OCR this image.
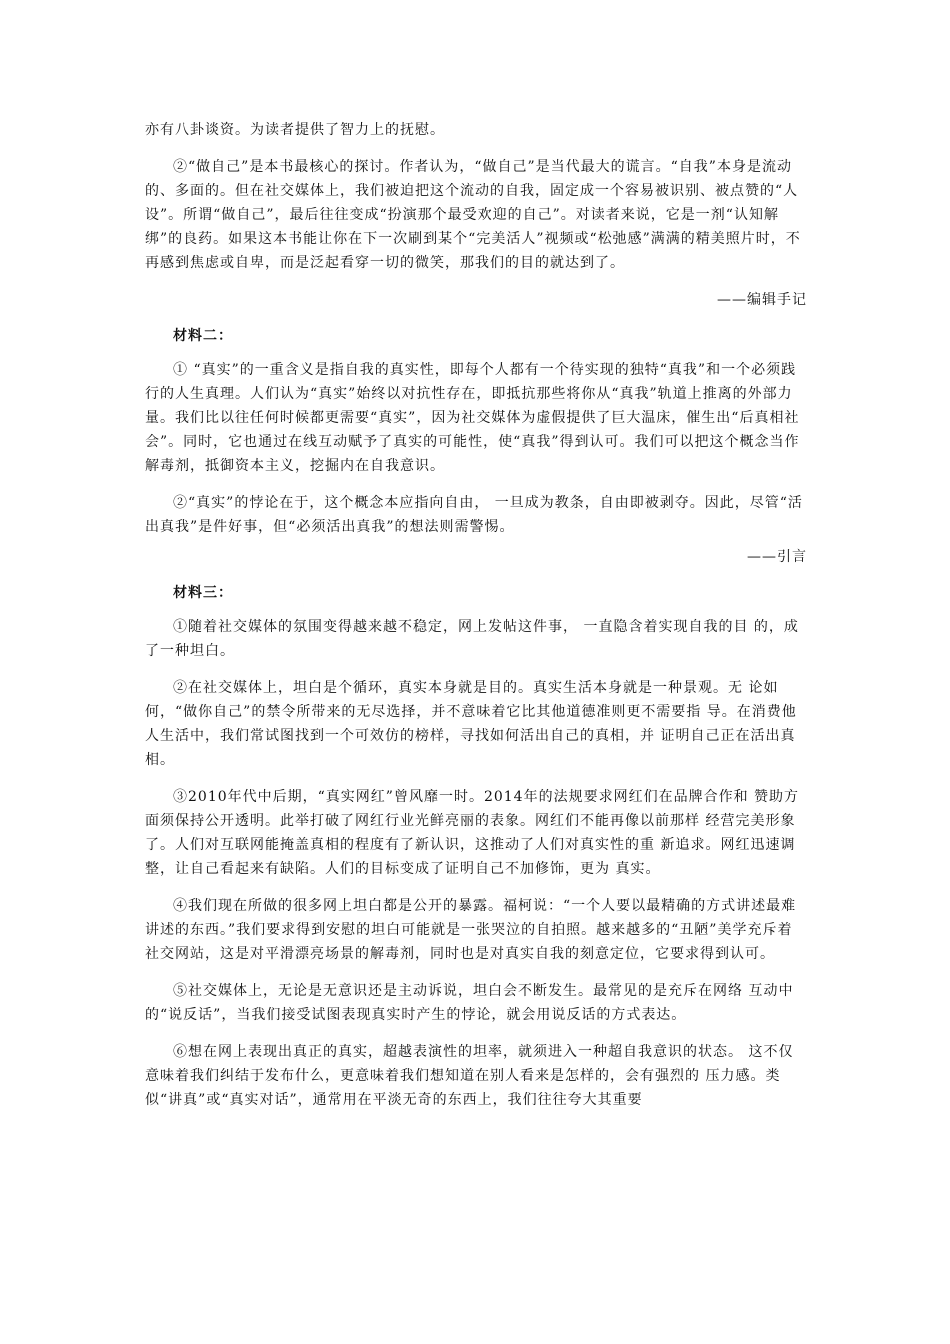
亦有八卦谈资。为读者提供了智力上的抚慰。

②“做自己”是本书最核心的探讨。作者认为，“做自己”是当代最大的谎言。“自我”本身是流动的、多面的。但在社交媒体上，我们被迫把这个流动的自我，固定成一个容易被识别、被点赞的“人设”。所谓“做自己”，最后往往变成“扮演那个最受欢迎的自己”。对读者来说，它是一剂“认知解绑”的良药。如果这本书能让你在下一次刷到某个“完美活人”视频或“松弛感”满满的精美照片时，不再感到焦虑或自卑，而是泛起看穿一切的微笑，那我们的目的就达到了。

——编辑手记

材料二：

① “真实”的一重含义是指自我的真实性，即每个人都有一个待实现的独特“真我”和一个必须践行的人生真理。人们认为“真实”始终以对抗性存在，即抵抗那些将你从“真我”轨道上推离的外部力量。我们比以往任何时候都更需要“真实”，因为社交媒体为虚假提供了巨大温床，催生出“后真相社会”。同时，它也通过在线互动赋予了真实的可能性，使“真我”得到认可。我们可以把这个概念当作解毒剂，抵御资本主义，挖掘内在自我意识。

②“真实”的悖论在于，这个概念本应指向自由， 一旦成为教条，自由即被剥夺。因此，尽管“活出真我”是件好事，但“必须活出真我”的想法则需警惕。

——引言

材料三：

①随着社交媒体的氛围变得越来越不稳定，网上发帖这件事， 一直隐含着实现自我的目 的，成了一种坦白。

②在社交媒体上，坦白是个循环，真实本身就是目的。真实生活本身就是一种景观。无 论如何，“做你自己”的禁令所带来的无尽选择，并不意味着它比其他道德准则更不需要指 导。在消费他人生活中，我们常试图找到一个可效仿的榜样，寻找如何活出自己的真相，并 证明自己正在活出真相。

③2010年代中后期，“真实网红”曾风靡一时。2014年的法规要求网红们在品牌合作和 赞助方面须保持公开透明。此举打破了网红行业光鲜亮丽的表象。网红们不能再像以前那样 经营完美形象了。人们对互联网能掩盖真相的程度有了新认识，这推动了人们对真实性的重 新追求。网红迅速调整，让自己看起来有缺陷。人们的目标变成了证明自己不加修饰，更为 真实。

④我们现在所做的很多网上坦白都是公开的暴露。福柯说：“一个人要以最精确的方式讲述最难讲述的东西。”我们要求得到安慰的坦白可能就是一张哭泣的自拍照。越来越多的“丑陋”美学充斥着社交网站，这是对平滑漂亮场景的解毒剂，同时也是对真实自我的刻意定位，它要求得到认可。

⑤社交媒体上，无论是无意识还是主动诉说，坦白会不断发生。最常见的是充斥在网络 互动中的“说反话”，当我们接受试图表现真实时产生的悖论，就会用说反话的方式表达。

⑥想在网上表现出真正的真实，超越表演性的坦率，就须进入一种超自我意识的状态。 这不仅意味着我们纠结于发布什么，更意味着我们想知道在别人看来是怎样的，会有强烈的 压力感。类似“讲真”或“真实对话”，通常用在平淡无奇的东西上，我们往往夸大其重要
